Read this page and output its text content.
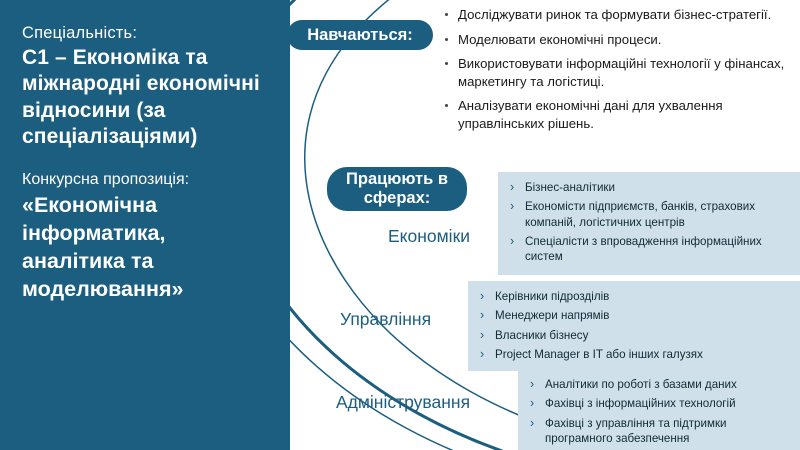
Спеціальність:
C1 – Економіка та міжнародні економічні відносини (за спеціалізаціями)
Конкурсна пропозиція:
«Економічна інформатика, аналітика та моделювання»
Навчаються:
Працюють в сферах:
Досліджувати ринок та формувати бізнес-стратегії.
Моделювати економічні процеси.
Використовувати інформаційні технології у фінансах, маркетингу та логістиці.
Аналізувати економічні дані для ухвалення управлінських рішень.
Економіки
Управління
Адміністрування
› Бізнес-аналітики
› Економісти підприємств, банків, страхових компаній, логістичних центрів
› Спеціалісти з впровадження інформаційних систем
› Керівники підрозділів
› Менеджери напрямів
› Власники бізнесу
› Project Manager в IT або інших галузях
› Аналітики по роботі з базами даних
› Фахівці з інформаційних технологій
› Фахівці з управління та підтримки програмного забезпечення
